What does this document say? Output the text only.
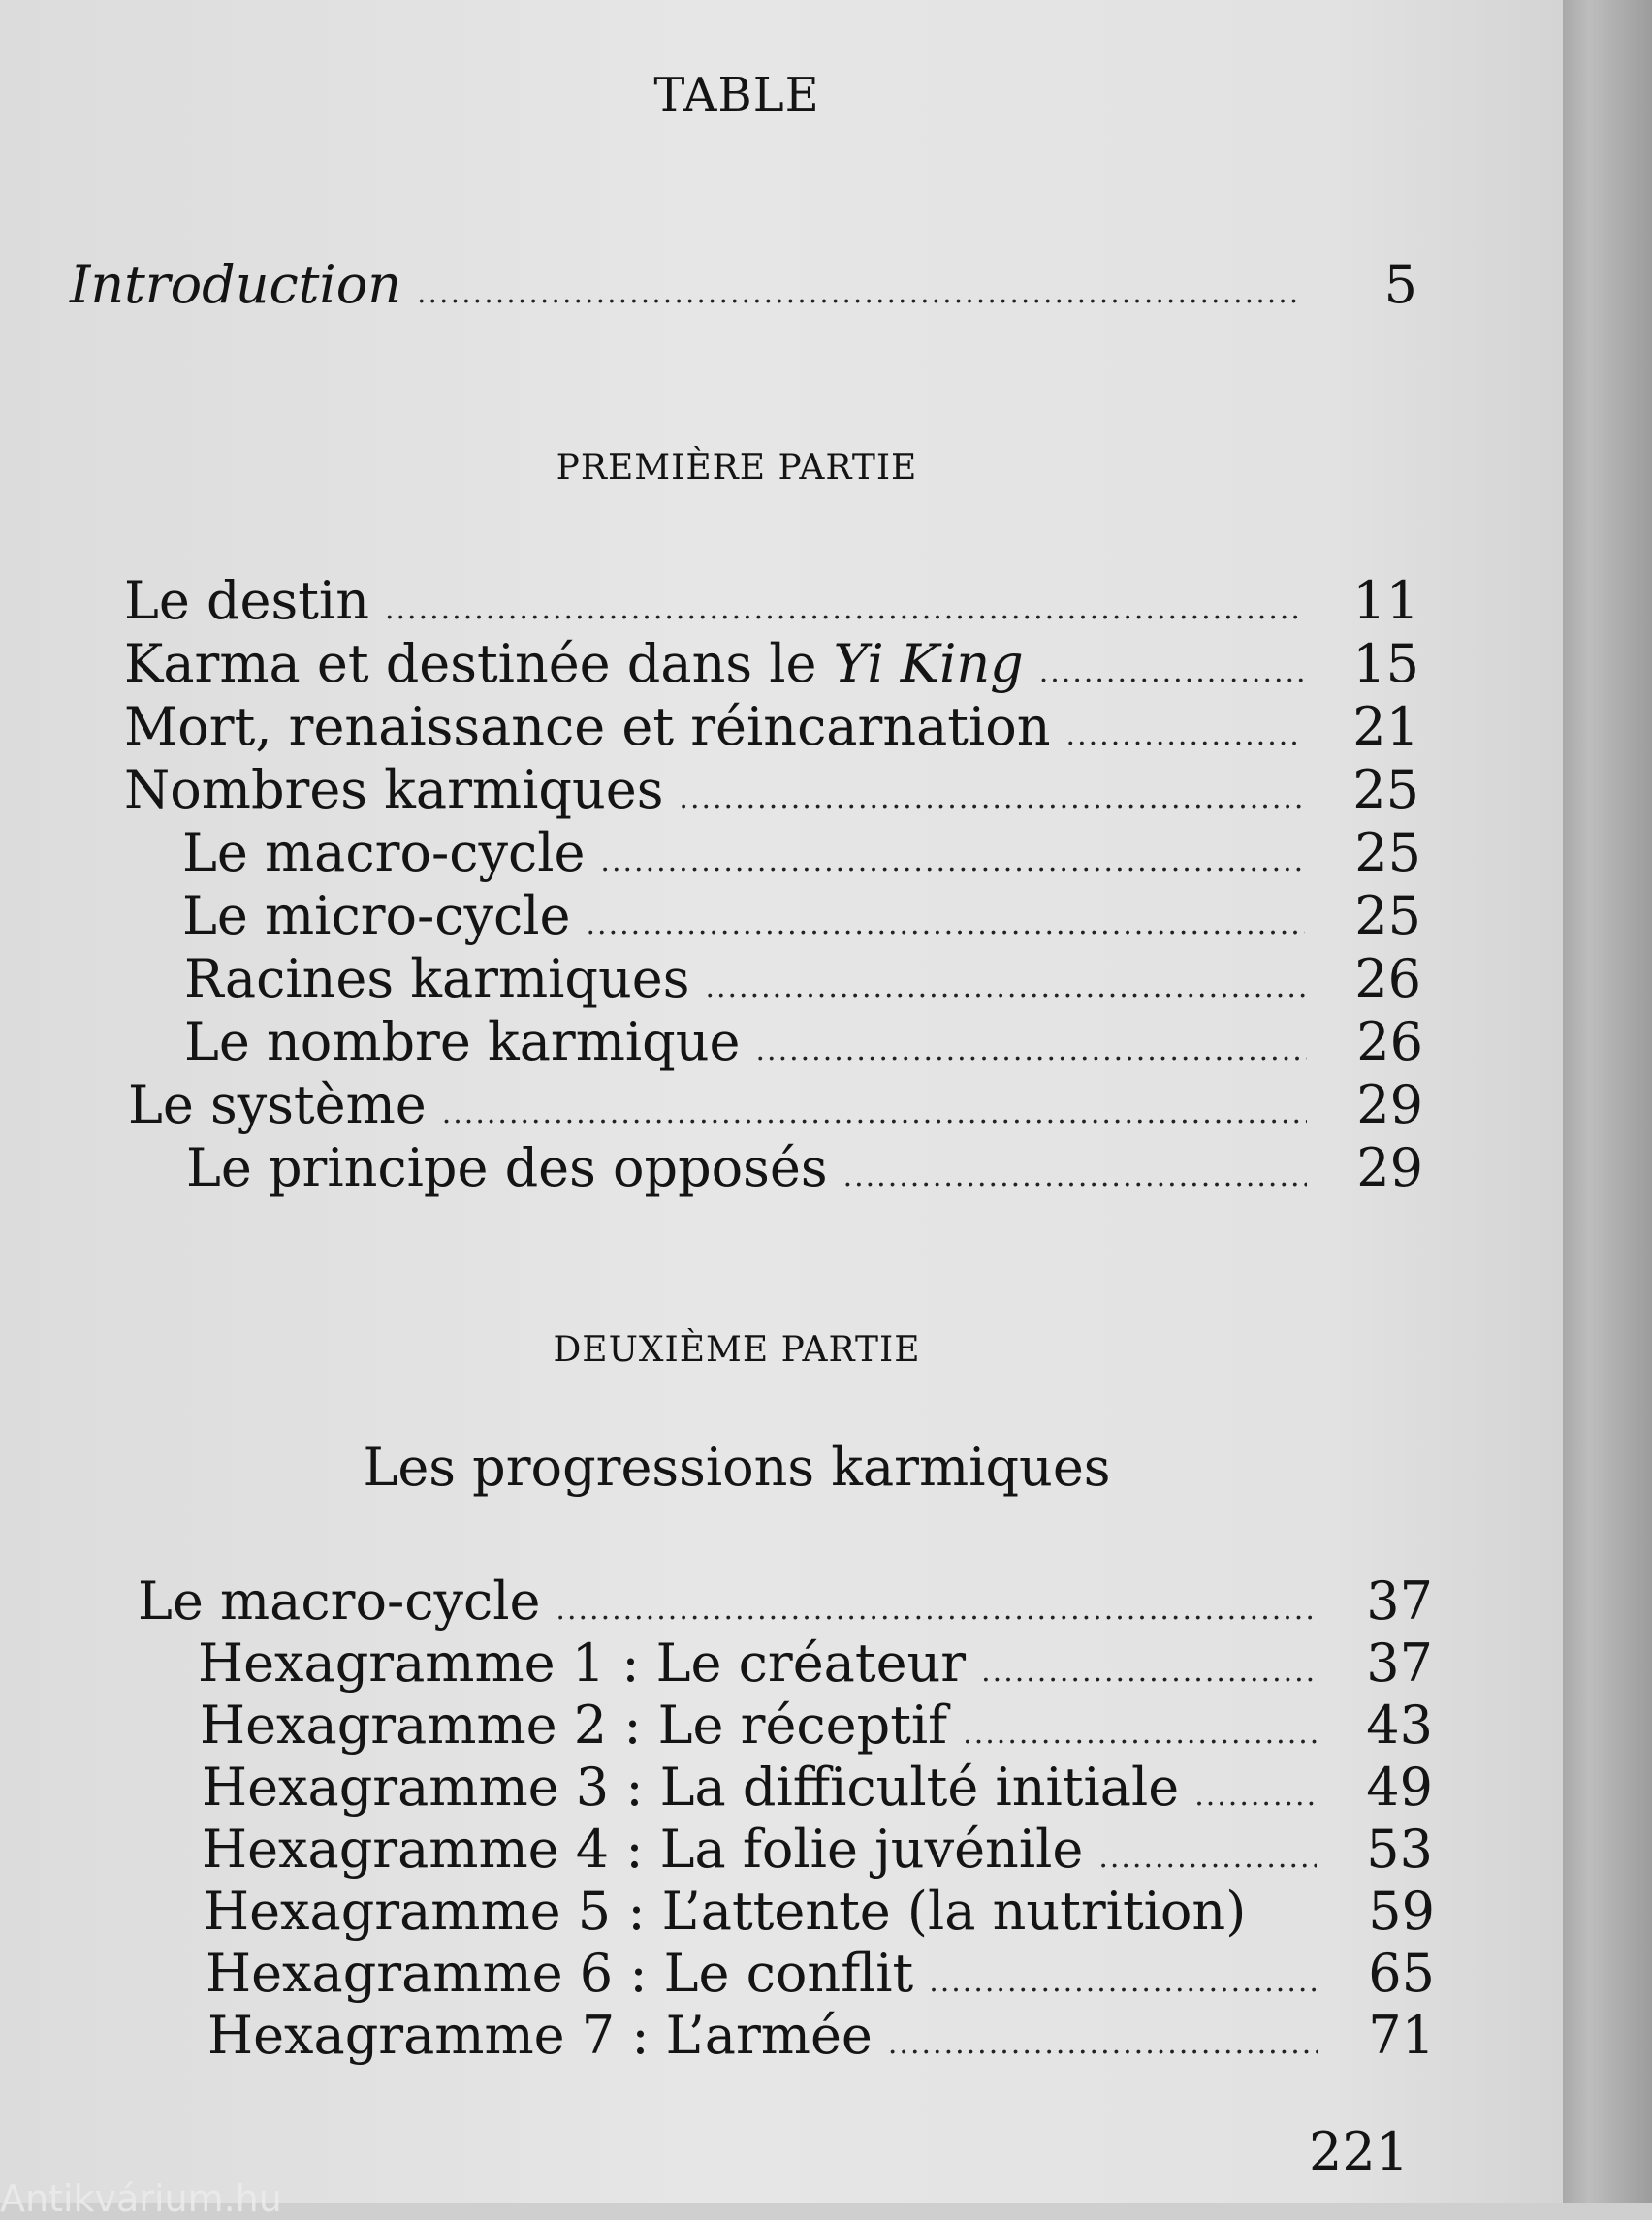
TABLE
Introduction .....	5
PREMIÈRE PARTIE
Le destin .....	11
Karma et destinée dans le Yi King .....	15
Mort, renaissance et réincarnation .....	21
Nombres karmiques .....	25
Le macro-cycle .....	25
Le micro-cycle .....	25
Racines karmiques .....	26
Le nombre karmique .....	26
Le système .....	29
Le principe des opposés .....	29
DEUXIÈME PARTIE
Les progressions karmiques
Le macro-cycle .....	37
Hexagramme 1 : Le créateur .....	37
Hexagramme 2 : Le réceptif .....	43
Hexagramme 3 : La difficulté initiale .....	49
Hexagramme 4 : La folie juvénile .....	53
Hexagramme 5 : L’attente (la nutrition)	59
Hexagramme 6 : Le conflit .....	65
Hexagramme 7 : L’armée .....	71
221
Antikvárium.hu
